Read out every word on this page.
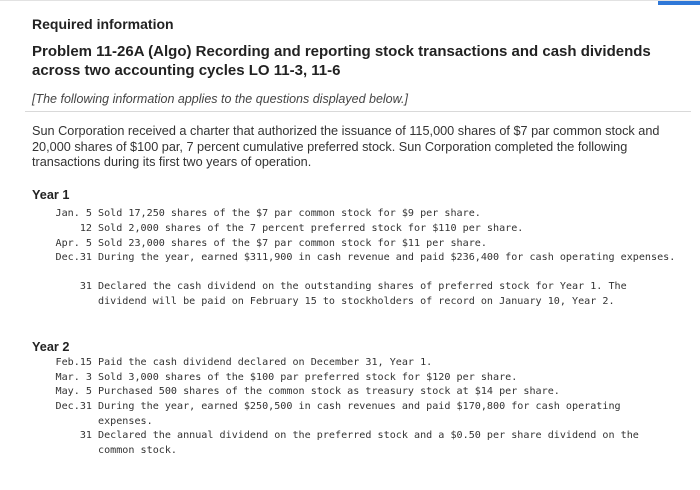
Required information
Problem 11-26A (Algo) Recording and reporting stock transactions and cash dividends across two accounting cycles LO 11-3, 11-6
[The following information applies to the questions displayed below.]
Sun Corporation received a charter that authorized the issuance of 115,000 shares of $7 par common stock and 20,000 shares of $100 par, 7 percent cumulative preferred stock. Sun Corporation completed the following transactions during its first two years of operation.
Year 1
Jan. 5 Sold 17,250 shares of the $7 par common stock for $9 per share.
12 Sold 2,000 shares of the 7 percent preferred stock for $110 per share.
Apr. 5 Sold 23,000 shares of the $7 par common stock for $11 per share.
Dec.31 During the year, earned $311,900 in cash revenue and paid $236,400 for cash operating expenses.
31 Declared the cash dividend on the outstanding shares of preferred stock for Year 1. The dividend will be paid on February 15 to stockholders of record on January 10, Year 2.
Year 2
Feb.15 Paid the cash dividend declared on December 31, Year 1.
Mar. 3 Sold 3,000 shares of the $100 par preferred stock for $120 per share.
May. 5 Purchased 500 shares of the common stock as treasury stock at $14 per share.
Dec.31 During the year, earned $250,500 in cash revenues and paid $170,800 for cash operating expenses.
31 Declared the annual dividend on the preferred stock and a $0.50 per share dividend on the common stock.
